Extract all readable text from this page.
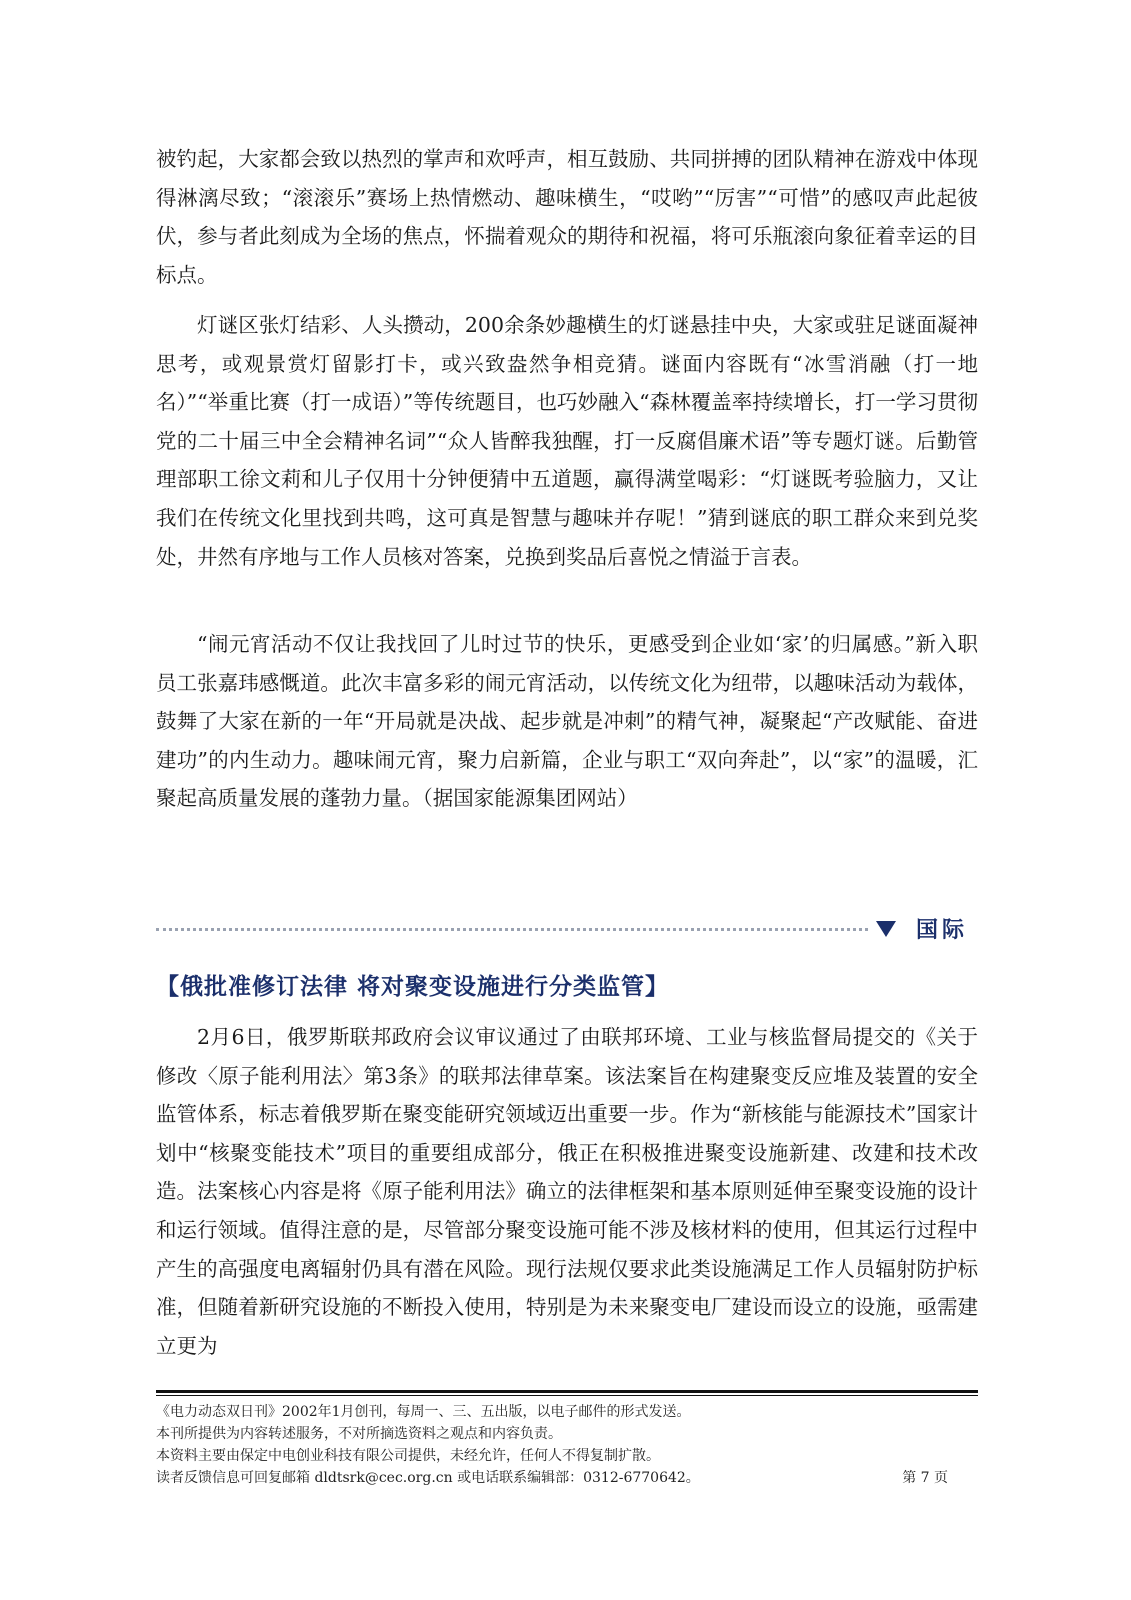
被钓起，大家都会致以热烈的掌声和欢呼声，相互鼓励、共同拼搏的团队精神在游戏中体现得淋漓尽致；“滚滚乐”赛场上热情燃动、趣味横生，“哎哟”“厉害”“可惜”的感叹声此起彼伏，参与者此刻成为全场的焦点，怀揣着观众的期待和祝福，将可乐瓶滚向象征着幸运的目标点。

灯谜区张灯结彩、人头攒动，200余条妙趣横生的灯谜悬挂中央，大家或驻足谜面凝神思考，或观景赏灯留影打卡，或兴致盎然争相竞猜。谜面内容既有“冰雪消融（打一地名）”“举重比赛（打一成语）”等传统题目，也巧妙融入“森林覆盖率持续增长，打一学习贯彻党的二十届三中全会精神名词”“众人皆醉我独醒，打一反腐倡廉术语”等专题灯谜。后勤管理部职工徐文莉和儿子仅用十分钟便猜中五道题，赢得满堂喝彩：“灯谜既考验脑力，又让我们在传统文化里找到共鸣，这可真是智慧与趣味并存呢！”猜到谜底的职工群众来到兑奖处，井然有序地与工作人员核对答案，兑换到奖品后喜悦之情溢于言表。

“闹元宵活动不仅让我找回了儿时过节的快乐，更感受到企业如‘家’的归属感。”新入职员工张嘉玮感慨道。此次丰富多彩的闹元宵活动，以传统文化为纽带，以趣味活动为载体，鼓舞了大家在新的一年“开局就是决战、起步就是冲刺”的精气神，凝聚起“产改赋能、奋进建功”的内生动力。趣味闹元宵，聚力启新篇，企业与职工“双向奔赴”，以“家”的温暖，汇聚起高质量发展的蓬勃力量。（据国家能源集团网站）

国际
【俄批准修订法律 将对聚变设施进行分类监管】

2月6日，俄罗斯联邦政府会议审议通过了由联邦环境、工业与核监督局提交的《关于修改〈原子能利用法〉第3条》的联邦法律草案。该法案旨在构建聚变反应堆及装置的安全监管体系，标志着俄罗斯在聚变能研究领域迈出重要一步。作为“新核能与能源技术”国家计划中“核聚变能技术”项目的重要组成部分，俄正在积极推进聚变设施新建、改建和技术改造。法案核心内容是将《原子能利用法》确立的法律框架和基本原则延伸至聚变设施的设计和运行领域。值得注意的是，尽管部分聚变设施可能不涉及核材料的使用，但其运行过程中产生的高强度电离辐射仍具有潜在风险。现行法规仅要求此类设施满足工作人员辐射防护标准，但随着新研究设施的不断投入使用，特别是为未来聚变电厂建设而设立的设施，亟需建立更为

《电力动态双日刊》2002年1月创刊，每周一、三、五出版，以电子邮件的形式发送。
本刊所提供为内容转述服务，不对所摘选资料之观点和内容负责。
本资料主要由保定中电创业科技有限公司提供，未经允许，任何人不得复制扩散。
读者反馈信息可回复邮箱 dldtsrk@cec.org.cn 或电话联系编辑部：0312-6770642。	第 7 页
